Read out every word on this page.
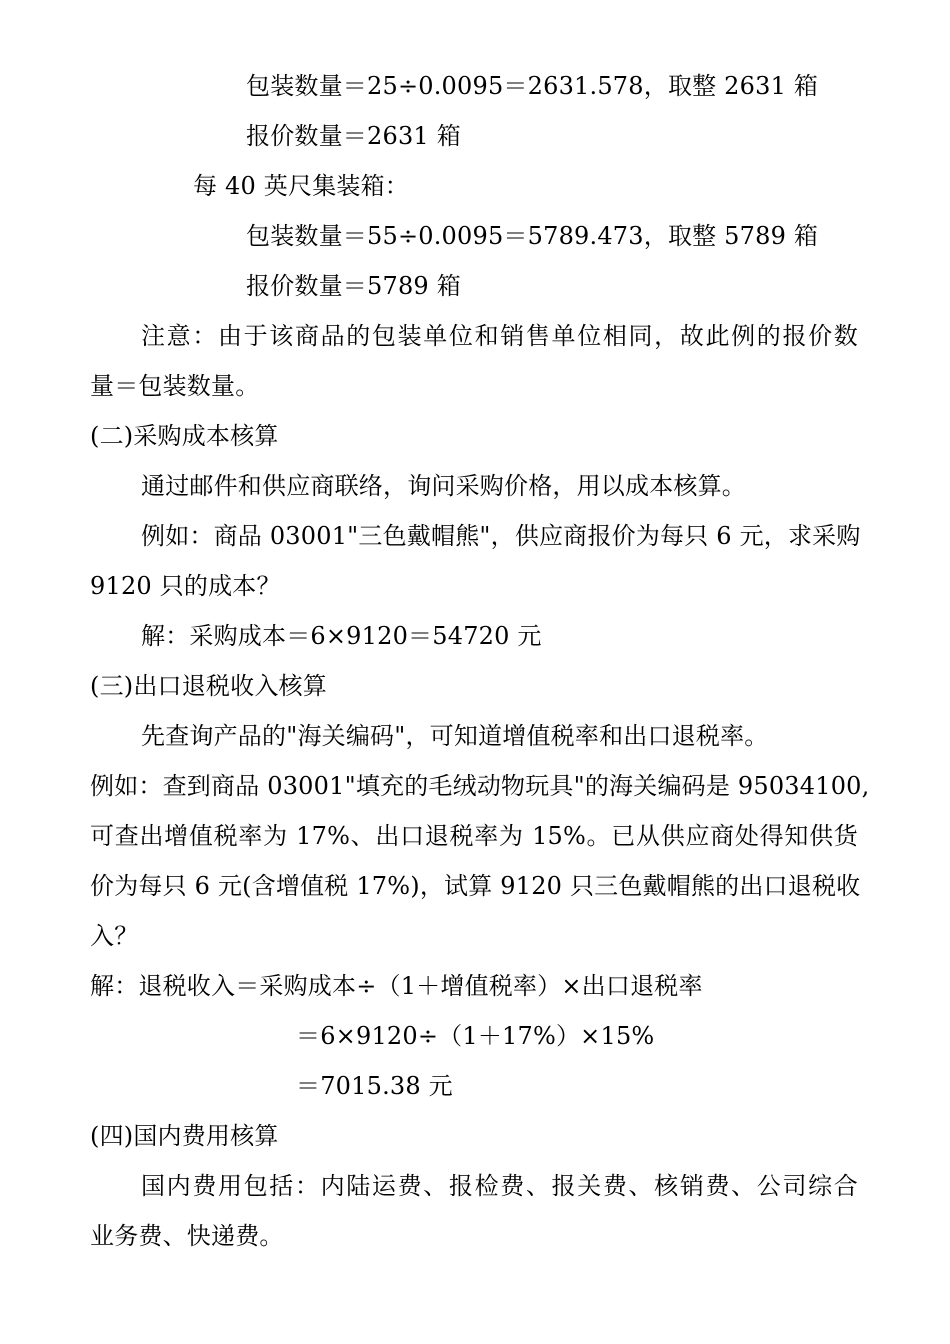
包装数量＝25÷0.0095＝2631.578，取整 2631 箱
报价数量＝2631 箱
每 40 英尺集装箱：
包装数量＝55÷0.0095＝5789.473，取整 5789 箱
报价数量＝5789 箱
注意：由于该商品的包装单位和销售单位相同，故此例的报价数
量＝包装数量。
(二)采购成本核算
通过邮件和供应商联络，询问采购价格，用以成本核算。
例如：商品 03001"三色戴帽熊"，供应商报价为每只 6 元，求采购
9120 只的成本？
解：采购成本＝6×9120＝54720 元
(三)出口退税收入核算
先查询产品的"海关编码"，可知道增值税率和出口退税率。
例如：查到商品 03001"填充的毛绒动物玩具"的海关编码是 95034100,
可查出增值税率为 17%、出口退税率为 15%。已从供应商处得知供货
价为每只 6 元(含增值税 17%)，试算 9120 只三色戴帽熊的出口退税收
入？
解：退税收入＝采购成本÷（1＋增值税率）×出口退税率
＝6×9120÷（1＋17%）×15%
＝7015.38 元
(四)国内费用核算
国内费用包括：内陆运费、报检费、报关费、核销费、公司综合
业务费、快递费。
